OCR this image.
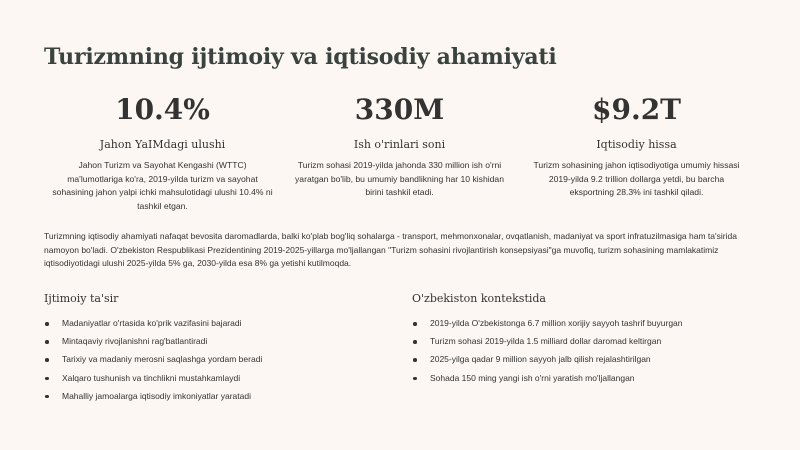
Turizmning ijtimoiy va iqtisodiy ahamiyati
10.4%
Jahon YaIMdagi ulushi
Jahon Turizm va Sayohat Kengashi (WTTC) ma'lumotlariga ko'ra, 2019-yilda turizm va sayohat sohasining jahon yalpi ichki mahsulotidagi ulushi 10.4% ni tashkil etgan.
330M
Ish o'rinlari soni
Turizm sohasi 2019-yilda jahonda 330 million ish o'rni yaratgan bo'lib, bu umumiy bandlikning har 10 kishidan birini tashkil etadi.
$9.2T
Iqtisodiy hissa
Turizm sohasining jahon iqtisodiyotiga umumiy hissasi 2019-yilda 9.2 trillion dollarga yetdi, bu barcha eksportning 28.3% ini tashkil qiladi.

Turizmning iqtisodiy ahamiyati nafaqat bevosita daromadlarda, balki ko'plab bog'liq sohalarga - transport, mehmonxonalar, ovqatlanish, madaniyat va sport infratuzilmasiga ham ta'sirida namoyon bo'ladi. O'zbekiston Respublikasi Prezidentining 2019-2025-yillarga mo'ljallangan "Turizm sohasini rivojlantirish konsepsiyasi"ga muvofiq, turizm sohasining mamlakatimiz iqtisodiyotidagi ulushi 2025-yilda 5% ga, 2030-yilda esa 8% ga yetishi kutilmoqda.

Ijtimoiy ta'sir
Madaniyatlar o'rtasida ko'prik vazifasini bajaradi
Mintaqaviy rivojlanishni rag'batlantiradi
Tarixiy va madaniy merosni saqlashga yordam beradi
Xalqaro tushunish va tinchlikni mustahkamlaydi
Mahalliy jamoalarga iqtisodiy imkoniyatlar yaratadi
O'zbekiston kontekstida
2019-yilda O'zbekistonga 6.7 million xorijiy sayyoh tashrif buyurgan
Turizm sohasi 2019-yilda 1.5 milliard dollar daromad keltirgan
2025-yilga qadar 9 million sayyoh jalb qilish rejalashtirilgan
Sohada 150 ming yangi ish o'rni yaratish mo'ljallangan
